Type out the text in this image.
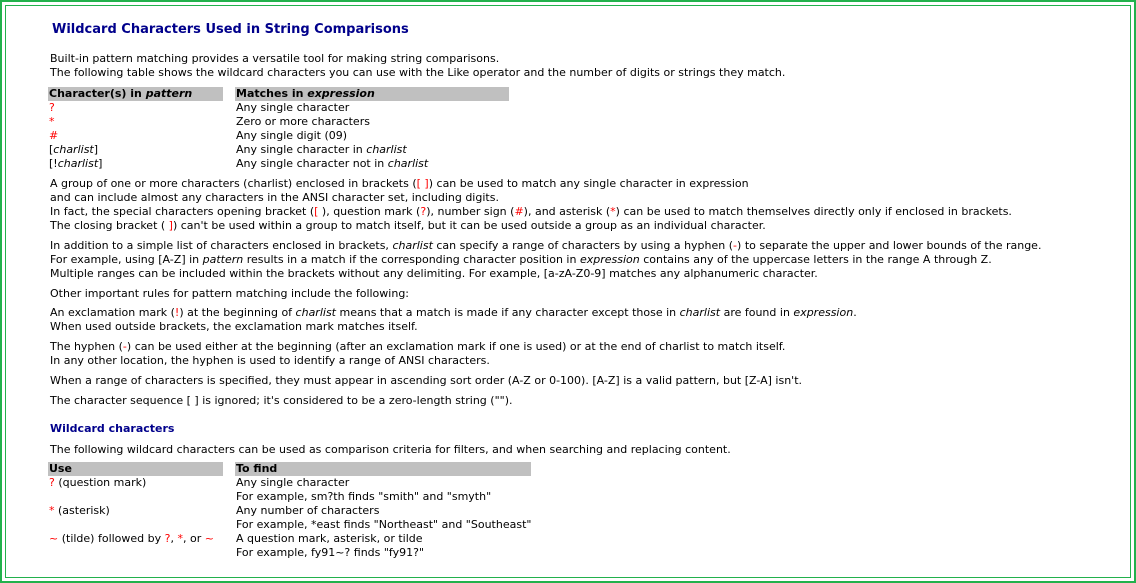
Wildcard Characters Used in String Comparisons

Built-in pattern matching provides a versatile tool for making string comparisons.

The following table shows the wildcard characters you can use with the Like operator and the number of digits or strings they match.

Character(s) in pattern		Matches in expression
?		Any single character
*		Zero or more characters
#		Any single digit (09)
[charlist]		Any single character in charlist
[!charlist]		Any single character not in charlist

A group of one or more characters (charlist) enclosed in brackets ([ ]) can be used to match any single character in expression

and can include almost any characters in the ANSI character set, including digits.

In fact, the special characters opening bracket ([ ), question mark (?), number sign (#), and asterisk (*) can be used to match themselves directly only if enclosed in brackets.

The closing bracket ( ]) can't be used within a group to match itself, but it can be used outside a group as an individual character.

In addition to a simple list of characters enclosed in brackets, charlist can specify a range of characters by using a hyphen (-) to separate the upper and lower bounds of the range.

For example, using [A-Z] in pattern results in a match if the corresponding character position in expression contains any of the uppercase letters in the range A through Z.

Multiple ranges can be included within the brackets without any delimiting. For example, [a-zA-Z0-9] matches any alphanumeric character.

Other important rules for pattern matching include the following:

An exclamation mark (!) at the beginning of charlist means that a match is made if any character except those in charlist are found in expression.

When used outside brackets, the exclamation mark matches itself.

The hyphen (-) can be used either at the beginning (after an exclamation mark if one is used) or at the end of charlist to match itself.

In any other location, the hyphen is used to identify a range of ANSI characters.

When a range of characters is specified, they must appear in ascending sort order (A-Z or 0-100). [A-Z] is a valid pattern, but [Z-A] isn't.

The character sequence [ ] is ignored; it's considered to be a zero-length string ("").

Wildcard characters

The following wildcard characters can be used as comparison criteria for filters, and when searching and replacing content.

Use		To find
? (question mark)		Any single character
		For example, sm?th finds "smith" and "smyth"
* (asterisk)		Any number of characters
		For example, *east finds "Northeast" and "Southeast"
~ (tilde) followed by ?, *, or ~		A question mark, asterisk, or tilde
		For example, fy91~? finds "fy91?"
